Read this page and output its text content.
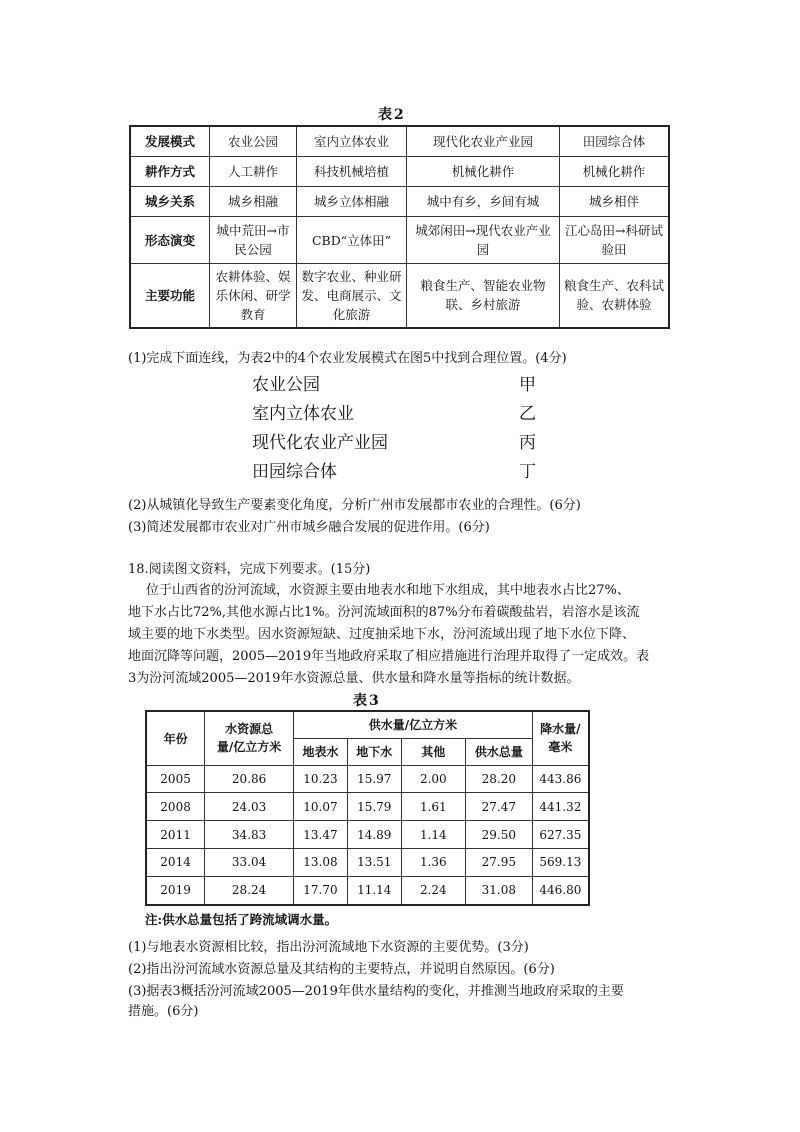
表2
发展模式	农业公园	室内立体农业	现代化农业产业园	田园综合体
耕作方式	人工耕作	科技机械培植	机械化耕作	机械化耕作
城乡关系	城乡相融	城乡立体相融	城中有乡，乡间有城	城乡相伴
形态演变	城中荒田→市民公园	CBD“立体田”	城郊闲田→现代农业产业园	江心岛田→科研试验田
主要功能	农耕体验、娱乐休闲、研学教育	数字农业、种业研发、电商展示、文化旅游	粮食生产、智能农业物联、乡村旅游	粮食生产、农科试验、农耕体验
(1)完成下面连线，为表2中的4个农业发展模式在图5中找到合理位置。(4分)
农业公园
室内立体农业
现代化农业产业园
田园综合体
甲
乙
丙
丁
(2)从城镇化导致生产要素变化角度，分析广州市发展都市农业的合理性。(6分)
(3)简述发展都市农业对广州市城乡融合发展的促进作用。(6分)
18.阅读图文资料，完成下列要求。(15分)
位于山西省的汾河流域，水资源主要由地表水和地下水组成，其中地表水占比27%、
地下水占比72%,其他水源占比1%。汾河流域面积的87%分布着碳酸盐岩，岩溶水是该流
域主要的地下水类型。因水资源短缺、过度抽采地下水，汾河流域出现了地下水位下降、
地面沉降等问题，2005—2019年当地政府采取了相应措施进行治理并取得了一定成效。表
3为汾河流域2005—2019年水资源总量、供水量和降水量等指标的统计数据。
表3
年份	水资源总
量/亿立方米	供水量/亿立方米				降水量/
毫米
		地表水	地下水	其他	供水总量	
2005	20.86	10.23	15.97	2.00	28.20	443.86
2008	24.03	10.07	15.79	1.61	27.47	441.32
2011	34.83	13.47	14.89	1.14	29.50	627.35
2014	33.04	13.08	13.51	1.36	27.95	569.13
2019	28.24	17.70	11.14	2.24	31.08	446.80
注:供水总量包括了跨流域调水量。
(1)与地表水资源相比较，指出汾河流域地下水资源的主要优势。(3分)
(2)指出汾河流域水资源总量及其结构的主要特点，并说明自然原因。(6分)
(3)据表3概括汾河流域2005—2019年供水量结构的变化，并推测当地政府采取的主要
措施。(6分)
